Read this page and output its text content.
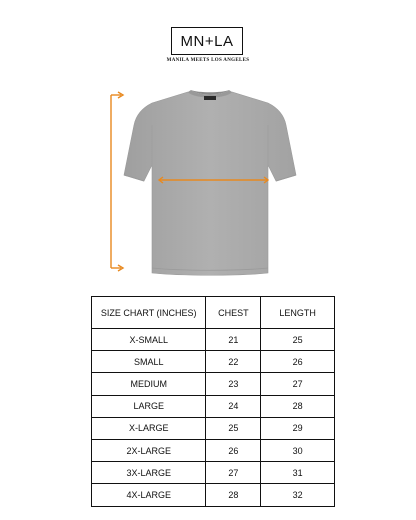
MN+LA
MANILA MEETS LOS ANGELES
SIZE CHART (INCHES)	CHEST	LENGTH
X-SMALL	21	25
SMALL	22	26
MEDIUM	23	27
LARGE	24	28
X-LARGE	25	29
2X-LARGE	26	30
3X-LARGE	27	31
4X-LARGE	28	32
